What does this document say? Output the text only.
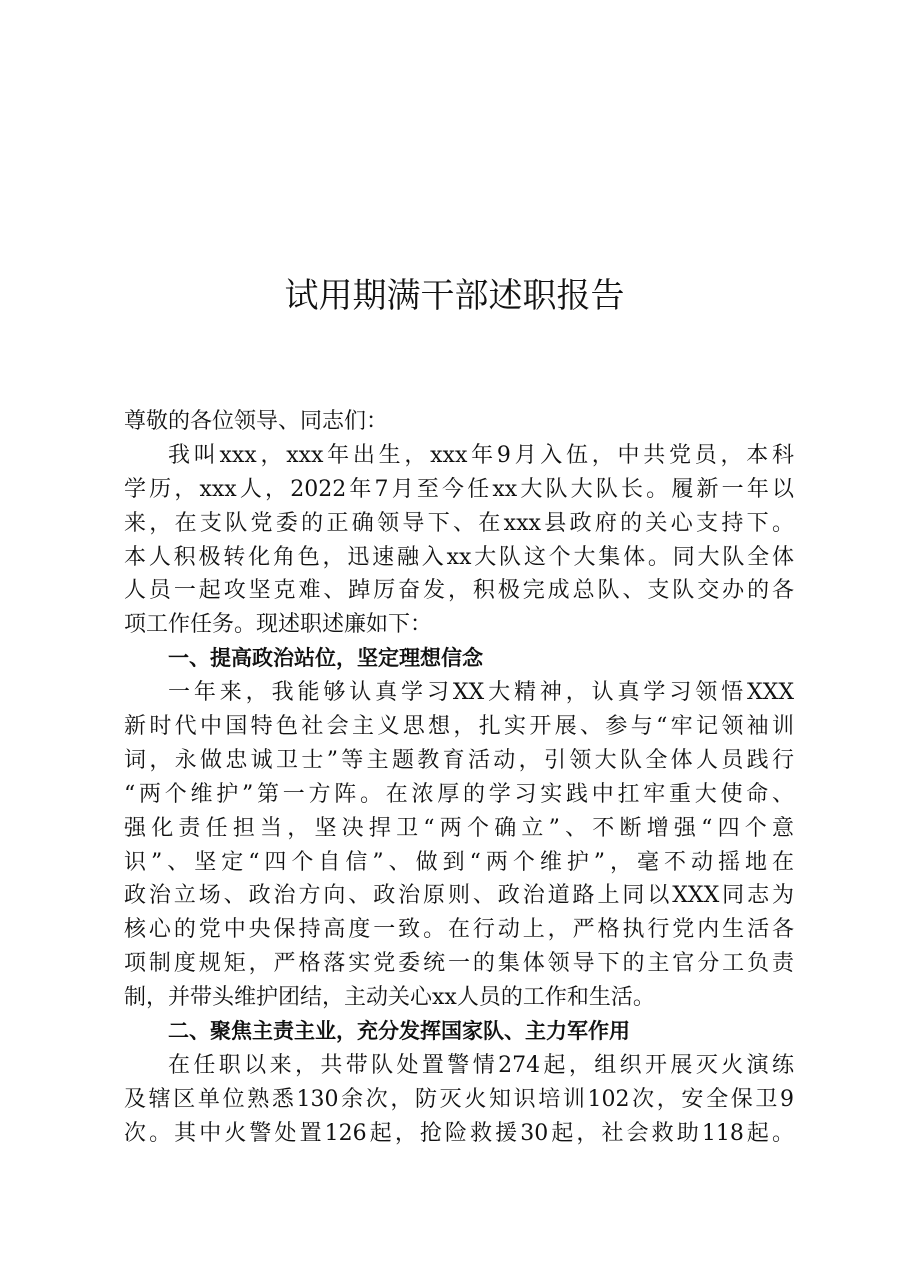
试用期满干部述职报告
尊敬的各位领导、同志们：
我叫xxx，xxx年出生，xxx年9月入伍，中共党员，本科
学历，xxx人，2022年7月至今任xx大队大队长。履新一年以
来，在支队党委的正确领导下、在xxx县政府的关心支持下。
本人积极转化角色，迅速融入xx大队这个大集体。同大队全体
人员一起攻坚克难、踔厉奋发，积极完成总队、支队交办的各
项工作任务。现述职述廉如下：
一、提高政治站位，坚定理想信念
一年来，我能够认真学习XX大精神，认真学习领悟XXX
新时代中国特色社会主义思想，扎实开展、参与“牢记领袖训
词，永做忠诚卫士”等主题教育活动，引领大队全体人员践行
“两个维护”第一方阵。在浓厚的学习实践中扛牢重大使命、
强化责任担当，坚决捍卫“两个确立”、不断增强“四个意
识”、坚定“四个自信”、做到“两个维护”，毫不动摇地在
政治立场、政治方向、政治原则、政治道路上同以XXX同志为
核心的党中央保持高度一致。在行动上，严格执行党内生活各
项制度规矩，严格落实党委统一的集体领导下的主官分工负责
制，并带头维护团结，主动关心xx人员的工作和生活。
二、聚焦主责主业，充分发挥国家队、主力军作用
在任职以来，共带队处置警情274起，组织开展灭火演练
及辖区单位熟悉130余次，防灭火知识培训102次，安全保卫9
次。其中火警处置126起，抢险救援30起，社会救助118起。
